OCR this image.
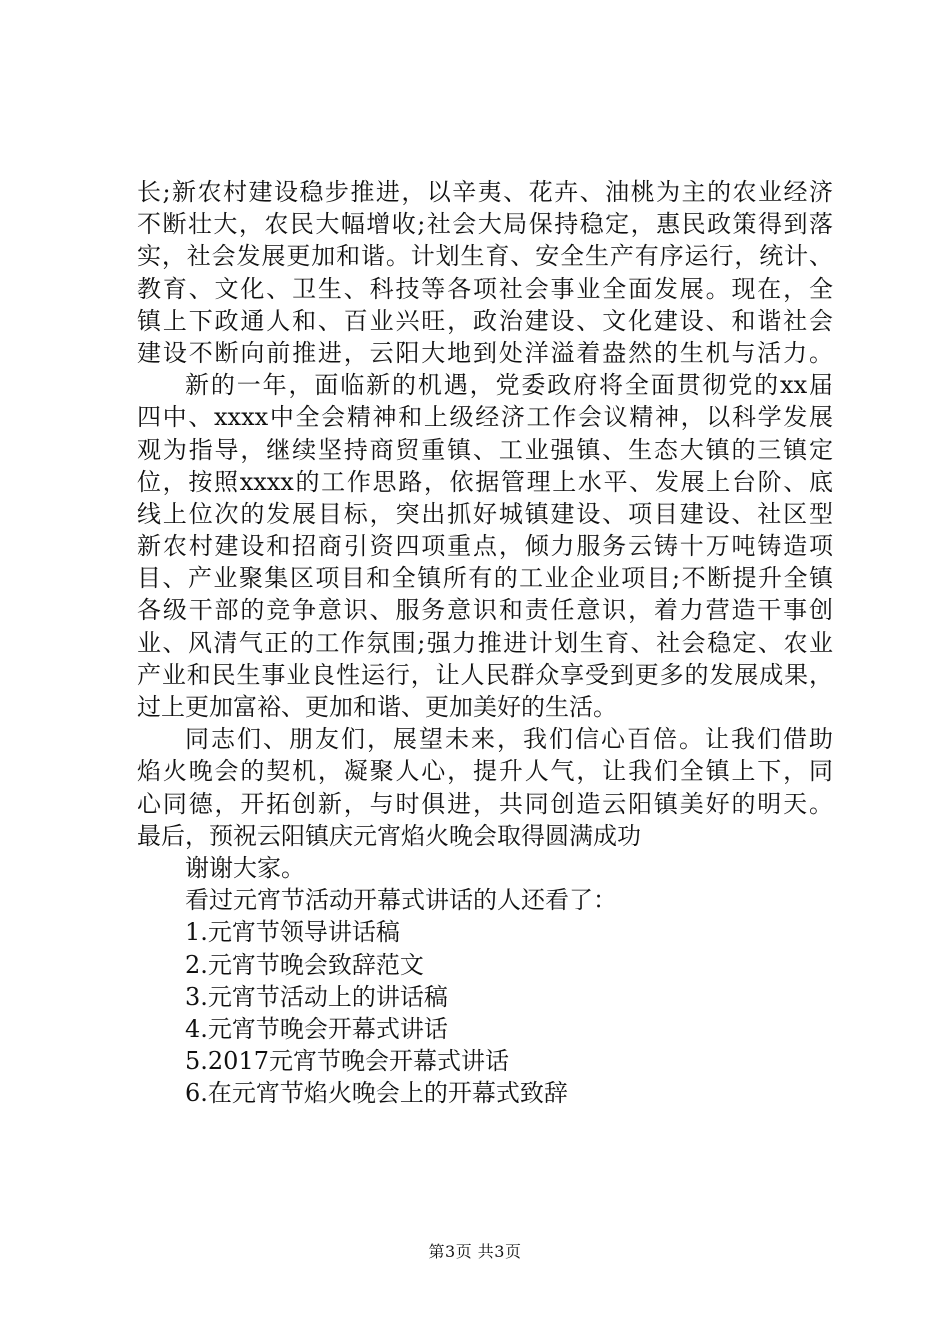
长;新农村建设稳步推进，以辛夷、花卉、油桃为主的农业经济
不断壮大，农民大幅增收;社会大局保持稳定，惠民政策得到落
实，社会发展更加和谐。计划生育、安全生产有序运行，统计、
教育、文化、卫生、科技等各项社会事业全面发展。现在，全
镇上下政通人和、百业兴旺，政治建设、文化建设、和谐社会
建设不断向前推进，云阳大地到处洋溢着盎然的生机与活力。
新的一年，面临新的机遇，党委政府将全面贯彻党的xx届
四中、xxxx中全会精神和上级经济工作会议精神，以科学发展
观为指导，继续坚持商贸重镇、工业强镇、生态大镇的三镇定
位，按照xxxx的工作思路，依据管理上水平、发展上台阶、底
线上位次的发展目标，突出抓好城镇建设、项目建设、社区型
新农村建设和招商引资四项重点，倾力服务云铸十万吨铸造项
目、产业聚集区项目和全镇所有的工业企业项目;不断提升全镇
各级干部的竞争意识、服务意识和责任意识，着力营造干事创
业、风清气正的工作氛围;强力推进计划生育、社会稳定、农业
产业和民生事业良性运行，让人民群众享受到更多的发展成果，
过上更加富裕、更加和谐、更加美好的生活。
同志们、朋友们，展望未来，我们信心百倍。让我们借助
焰火晚会的契机，凝聚人心，提升人气，让我们全镇上下，同
心同德，开拓创新，与时俱进，共同创造云阳镇美好的明天。
最后，预祝云阳镇庆元宵焰火晚会取得圆满成功
谢谢大家。
看过元宵节活动开幕式讲话的人还看了：
1.元宵节领导讲话稿
2.元宵节晚会致辞范文
3.元宵节活动上的讲话稿
4.元宵节晚会开幕式讲话
5.2017元宵节晚会开幕式讲话
6.在元宵节焰火晚会上的开幕式致辞
第3页 共3页
